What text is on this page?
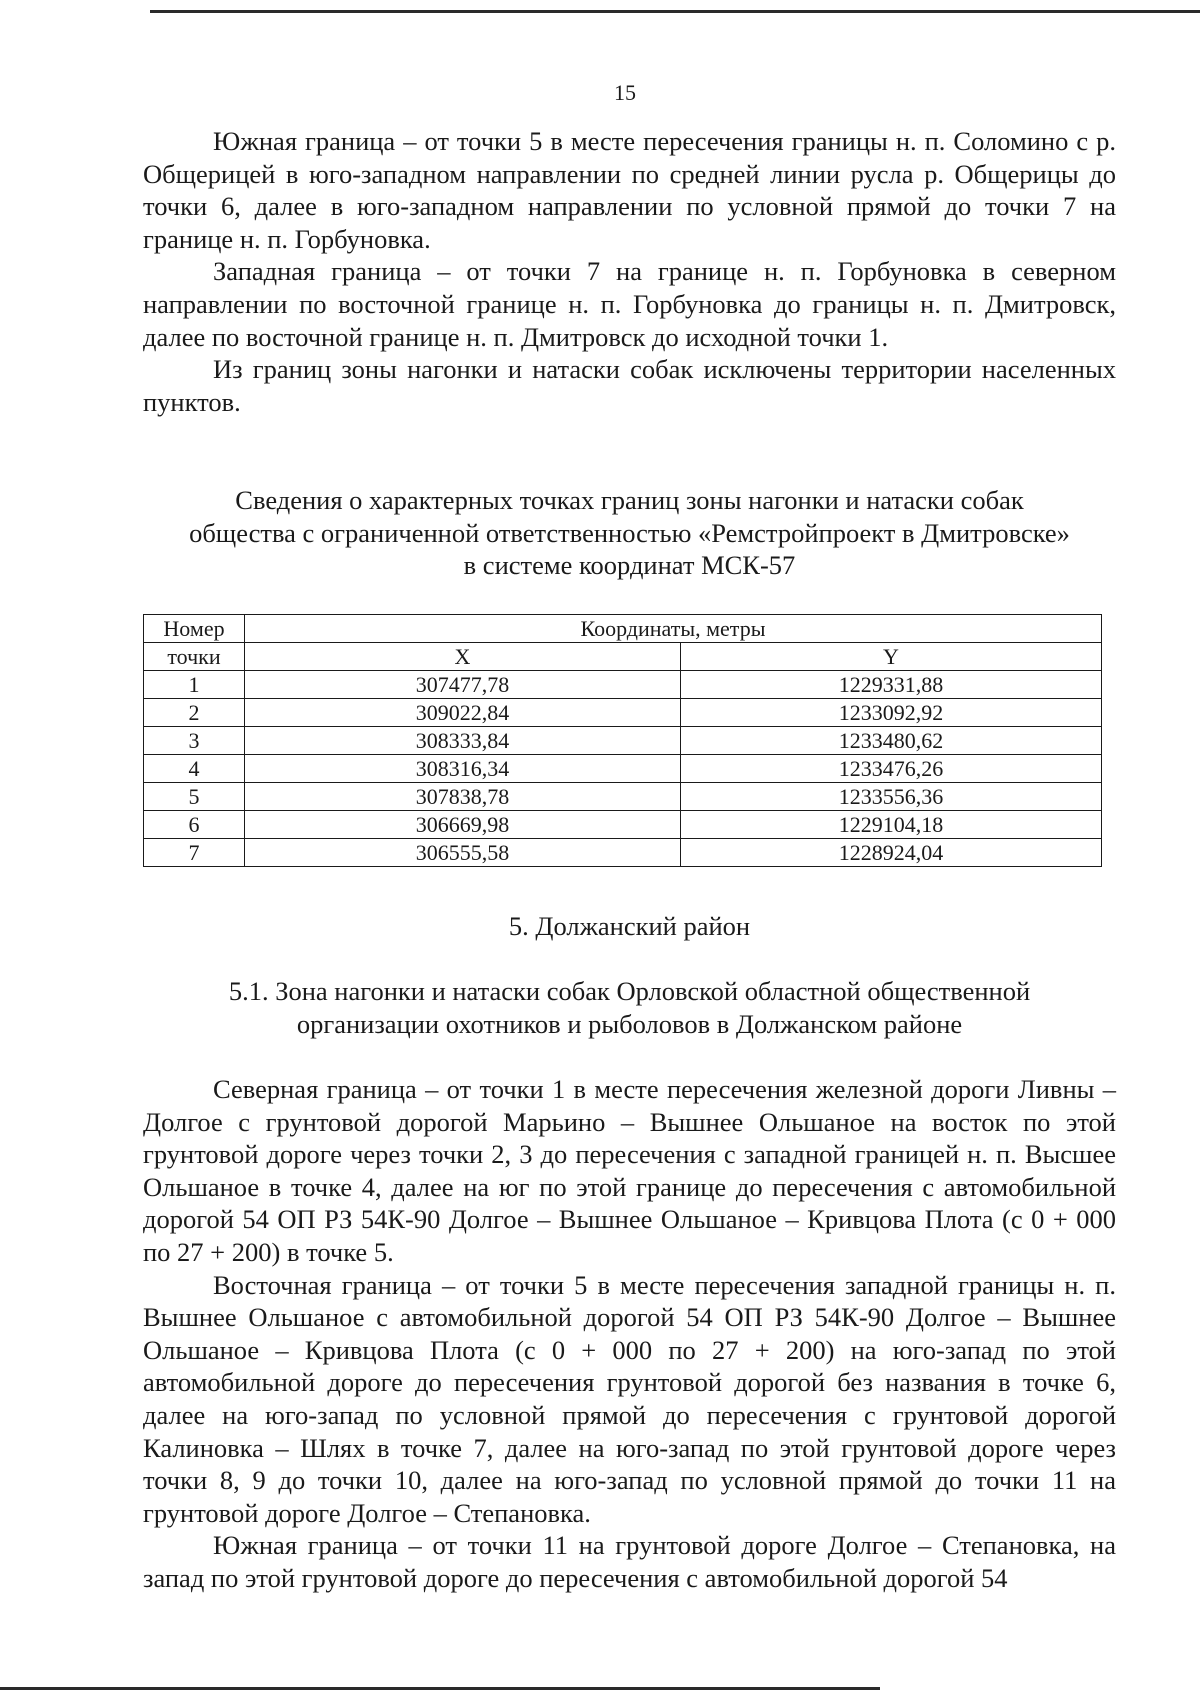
15

Южная граница – от точки 5 в месте пересечения границы н. п. Соломино с р. Общерицей в юго-западном направлении по средней линии русла р. Общерицы до точки 6, далее в юго-западном направлении по условной прямой до точки 7 на границе н. п. Горбуновка.

Западная граница – от точки 7 на границе н. п. Горбуновка в северном направлении по восточной границе н. п. Горбуновка до границы н. п. Дмитровск, далее по восточной границе н. п. Дмитровск до исходной точки 1.

Из границ зоны нагонки и натаски собак исключены территории населенных пунктов.

Сведения о характерных точках границ зоны нагонки и натаски собак
общества с ограниченной ответственностью «Ремстройпроект в Дмитровске»
в системе координат МСК-57
Номер	Координаты, метры	
точки	X	Y
1	307477,78	1229331,88
2	309022,84	1233092,92
3	308333,84	1233480,62
4	308316,34	1233476,26
5	307838,78	1233556,36
6	306669,98	1229104,18
7	306555,58	1228924,04
5. Должанский район
5.1. Зона нагонки и натаски собак Орловской областной общественной
организации охотников и рыболовов в Должанском районе

Северная граница – от точки 1 в месте пересечения железной дороги Ливны – Долгое с грунтовой дорогой Марьино – Вышнее Ольшаное на восток по этой грунтовой дороге через точки 2, 3 до пересечения с западной границей н. п. Высшее Ольшаное в точке 4, далее на юг по этой границе до пересечения с автомобильной дорогой 54 ОП РЗ 54К-90 Долгое – Вышнее Ольшаное – Кривцова Плота (с 0 + 000 по 27 + 200) в точке 5.

Восточная граница – от точки 5 в месте пересечения западной границы н. п. Вышнее Ольшаное с автомобильной дорогой 54 ОП РЗ 54К-90 Долгое – Вышнее Ольшаное – Кривцова Плота (с 0 + 000 по 27 + 200) на юго-запад по этой автомобильной дороге до пересечения грунтовой дорогой без названия в точке 6, далее на юго-запад по условной прямой до пересечения с грунтовой дорогой Калиновка – Шлях в точке 7, далее на юго-запад по этой грунтовой дороге через точки 8, 9 до точки 10, далее на юго-запад по условной прямой до точки 11 на грунтовой дороге Долгое – Степановка.

Южная граница – от точки 11 на грунтовой дороге Долгое – Степановка, на запад по этой грунтовой дороге до пересечения с автомобильной дорогой 54
